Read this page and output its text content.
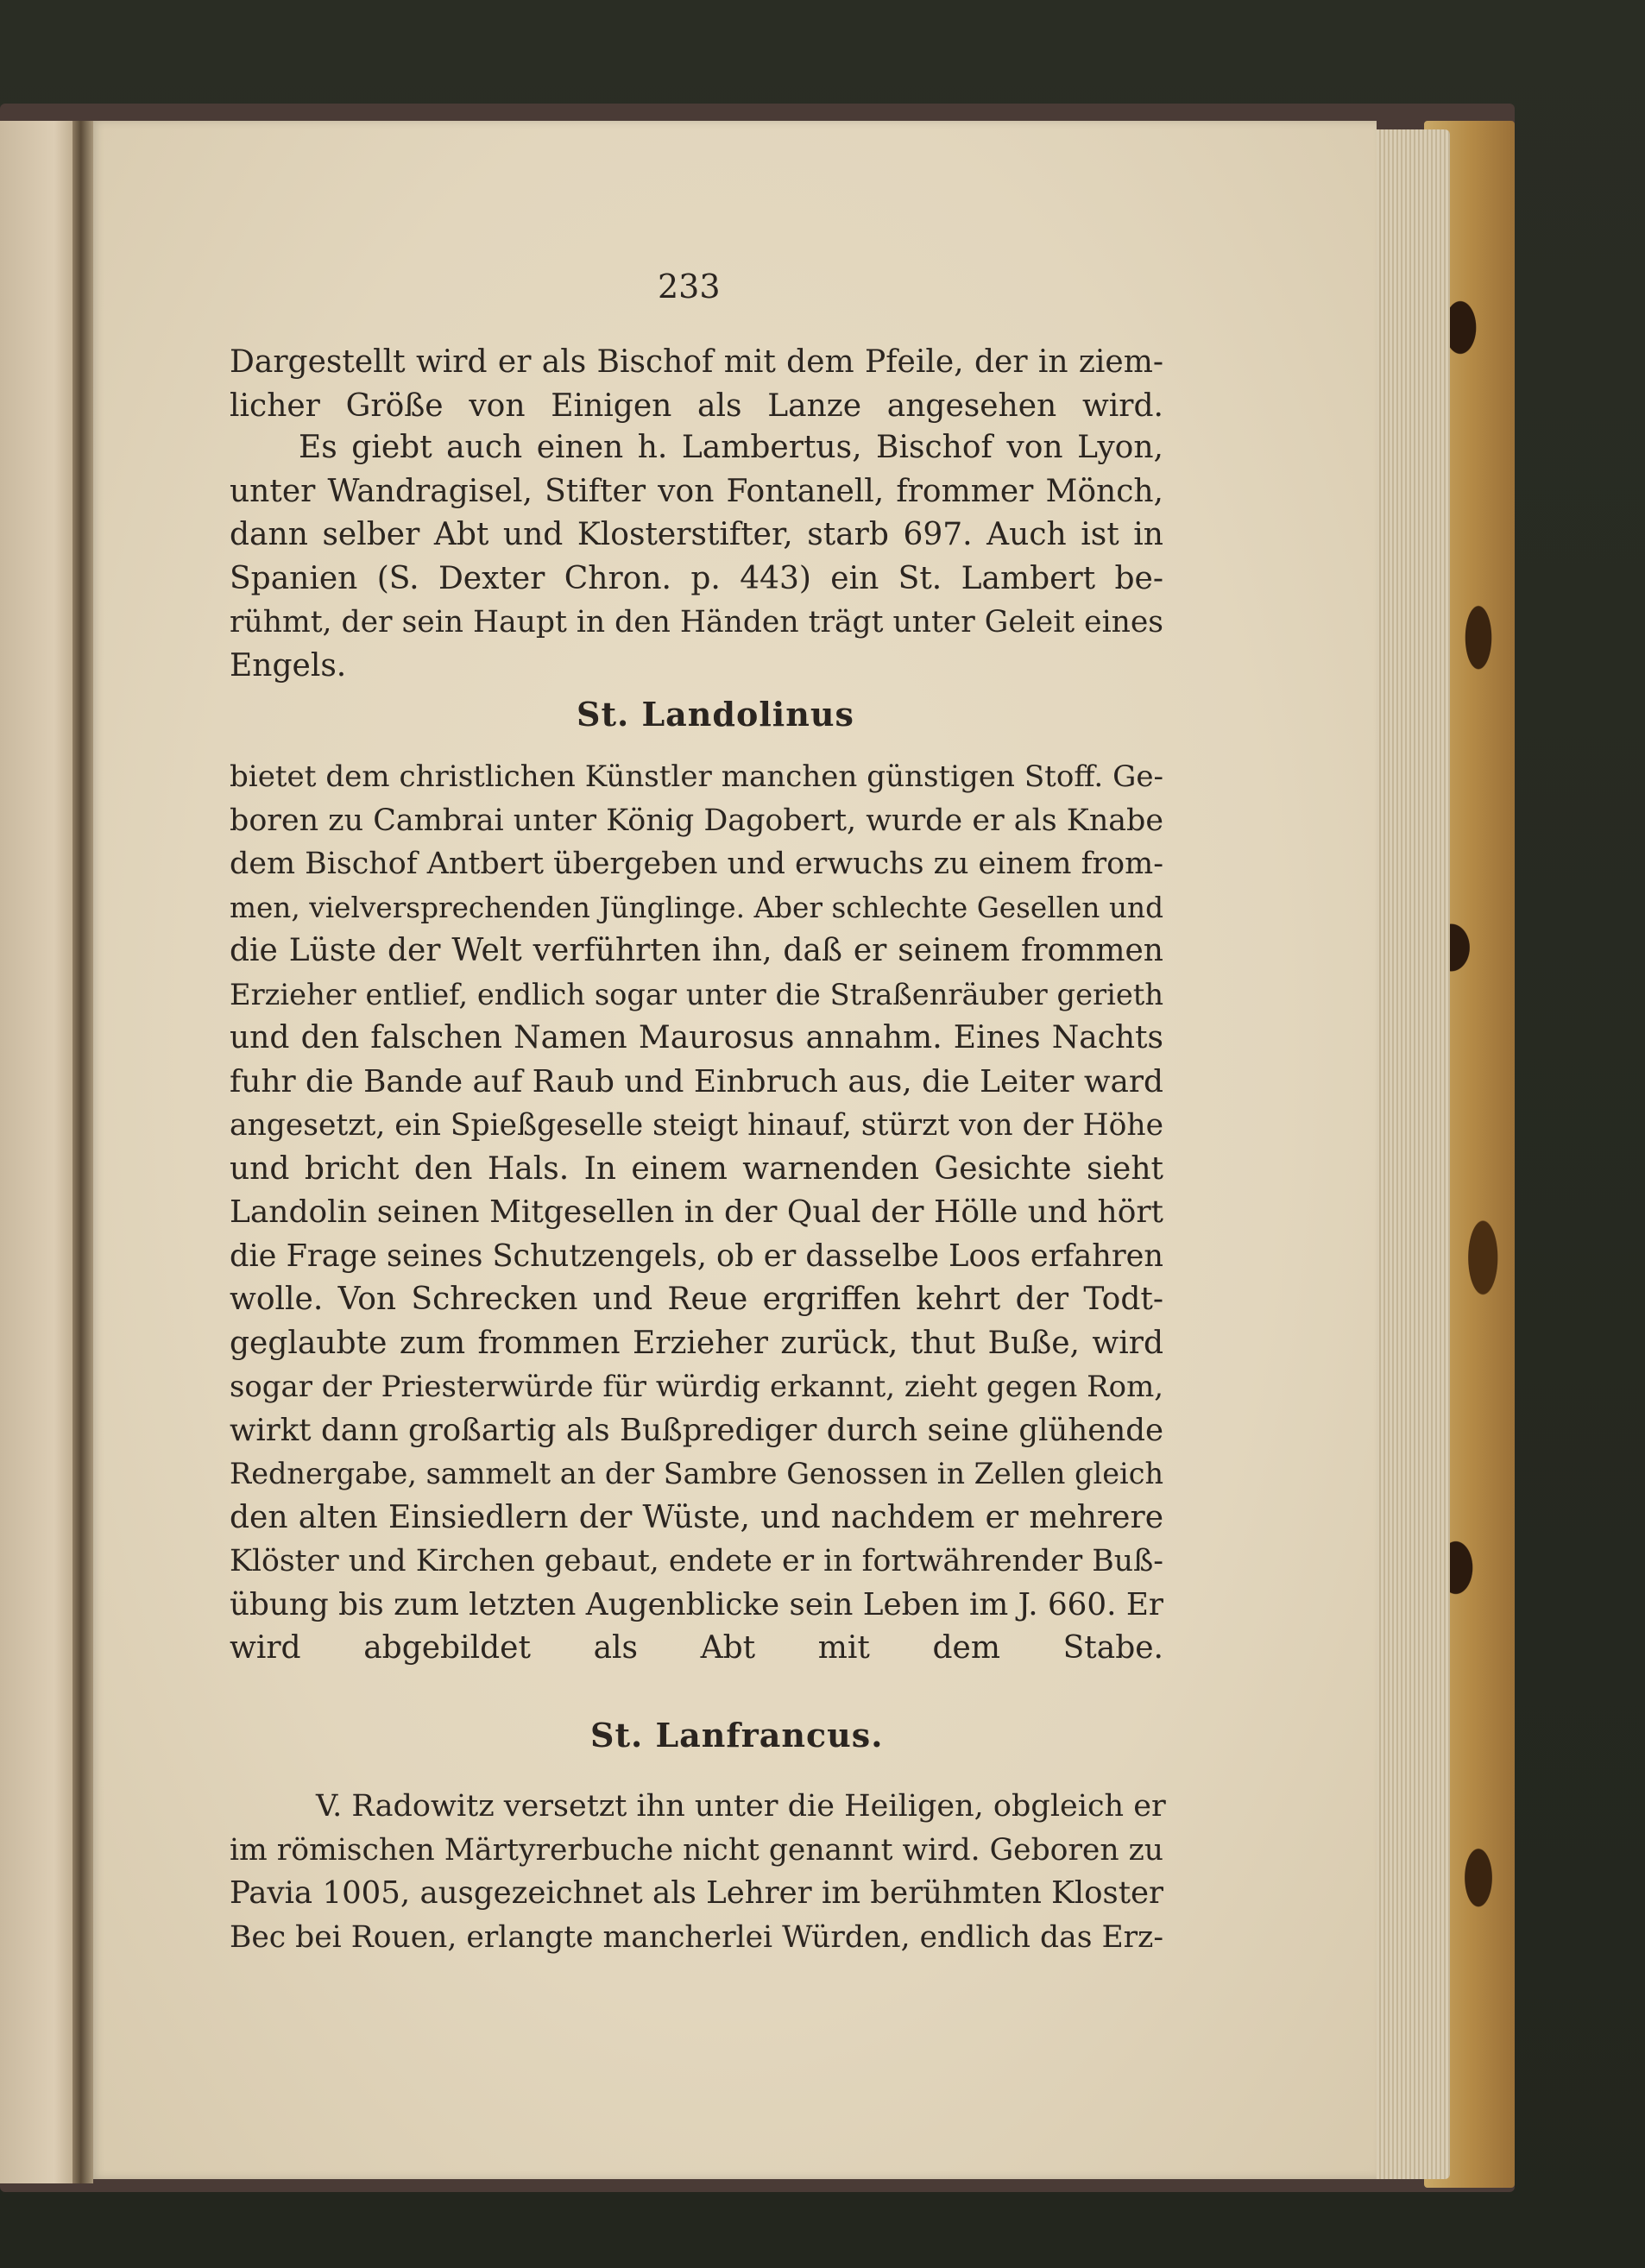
233
Dargestellt wird er als Bischof mit dem Pfeile, der in ziem-
licher Größe von Einigen als Lanze angesehen wird.
Es giebt auch einen h. Lambertus, Bischof von Lyon,
unter Wandragisel, Stifter von Fontanell, frommer Mönch,
dann selber Abt und Klosterstifter, starb 697. Auch ist in
Spanien (S. Dexter Chron. p. 443) ein St. Lambert be-
rühmt, der sein Haupt in den Händen trägt unter Geleit eines
Engels.
St. Landolinus
bietet dem christlichen Künstler manchen günstigen Stoff. Ge-
boren zu Cambrai unter König Dagobert, wurde er als Knabe
dem Bischof Antbert übergeben und erwuchs zu einem from-
men, vielversprechenden Jünglinge. Aber schlechte Gesellen und
die Lüste der Welt verführten ihn, daß er seinem frommen
Erzieher entlief, endlich sogar unter die Straßenräuber gerieth
und den falschen Namen Maurosus annahm. Eines Nachts
fuhr die Bande auf Raub und Einbruch aus, die Leiter ward
angesetzt, ein Spießgeselle steigt hinauf, stürzt von der Höhe
und bricht den Hals. In einem warnenden Gesichte sieht
Landolin seinen Mitgesellen in der Qual der Hölle und hört
die Frage seines Schutzengels, ob er dasselbe Loos erfahren
wolle. Von Schrecken und Reue ergriffen kehrt der Todt-
geglaubte zum frommen Erzieher zurück, thut Buße, wird
sogar der Priesterwürde für würdig erkannt, zieht gegen Rom,
wirkt dann großartig als Bußprediger durch seine glühende
Rednergabe, sammelt an der Sambre Genossen in Zellen gleich
den alten Einsiedlern der Wüste, und nachdem er mehrere
Klöster und Kirchen gebaut, endete er in fortwährender Buß-
übung bis zum letzten Augenblicke sein Leben im J. 660. Er
wird abgebildet als Abt mit dem Stabe.
St. Lanfrancus.
V. Radowitz versetzt ihn unter die Heiligen, obgleich er
im römischen Märtyrerbuche nicht genannt wird. Geboren zu
Pavia 1005, ausgezeichnet als Lehrer im berühmten Kloster
Bec bei Rouen, erlangte mancherlei Würden, endlich das Erz-
